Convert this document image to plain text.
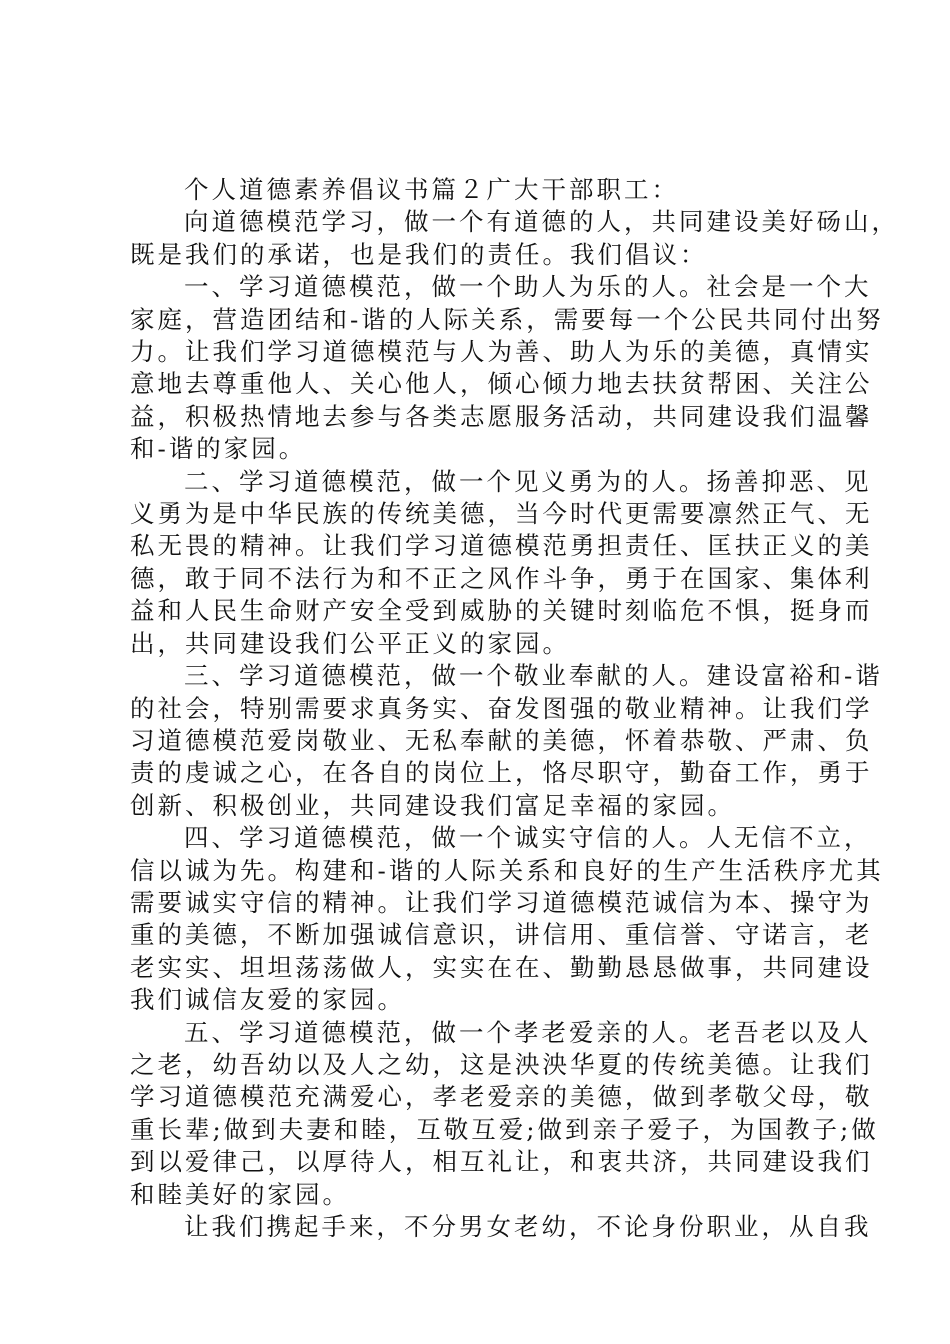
个人道德素养倡议书篇２广大干部职工：
向道德模范学习，做一个有道德的人，共同建设美好砀山，
既是我们的承诺，也是我们的责任。我们倡议：
一、学习道德模范，做一个助人为乐的人。社会是一个大
家庭，营造团结和-谐的人际关系，需要每一个公民共同付出努
力。让我们学习道德模范与人为善、助人为乐的美德，真情实
意地去尊重他人、关心他人，倾心倾力地去扶贫帮困、关注公
益，积极热情地去参与各类志愿服务活动，共同建设我们温馨
和-谐的家园。
二、学习道德模范，做一个见义勇为的人。扬善抑恶、见
义勇为是中华民族的传统美德，当今时代更需要凛然正气、无
私无畏的精神。让我们学习道德模范勇担责任、匡扶正义的美
德，敢于同不法行为和不正之风作斗争，勇于在国家、集体利
益和人民生命财产安全受到威胁的关键时刻临危不惧，挺身而
出，共同建设我们公平正义的家园。
三、学习道德模范，做一个敬业奉献的人。建设富裕和-谐
的社会，特别需要求真务实、奋发图强的敬业精神。让我们学
习道德模范爱岗敬业、无私奉献的美德，怀着恭敬、严肃、负
责的虔诚之心，在各自的岗位上，恪尽职守，勤奋工作，勇于
创新、积极创业，共同建设我们富足幸福的家园。
四、学习道德模范，做一个诚实守信的人。人无信不立，
信以诚为先。构建和-谐的人际关系和良好的生产生活秩序尤其
需要诚实守信的精神。让我们学习道德模范诚信为本、操守为
重的美德，不断加强诚信意识，讲信用、重信誉、守诺言，老
老实实、坦坦荡荡做人，实实在在、勤勤恳恳做事，共同建设
我们诚信友爱的家园。
五、学习道德模范，做一个孝老爱亲的人。老吾老以及人
之老，幼吾幼以及人之幼，这是泱泱华夏的传统美德。让我们
学习道德模范充满爱心，孝老爱亲的美德，做到孝敬父母，敬
重长辈;做到夫妻和睦，互敬互爱;做到亲子爱子，为国教子;做
到以爱律己，以厚待人，相互礼让，和衷共济，共同建设我们
和睦美好的家园。
让我们携起手来，不分男女老幼，不论身份职业，从自我
